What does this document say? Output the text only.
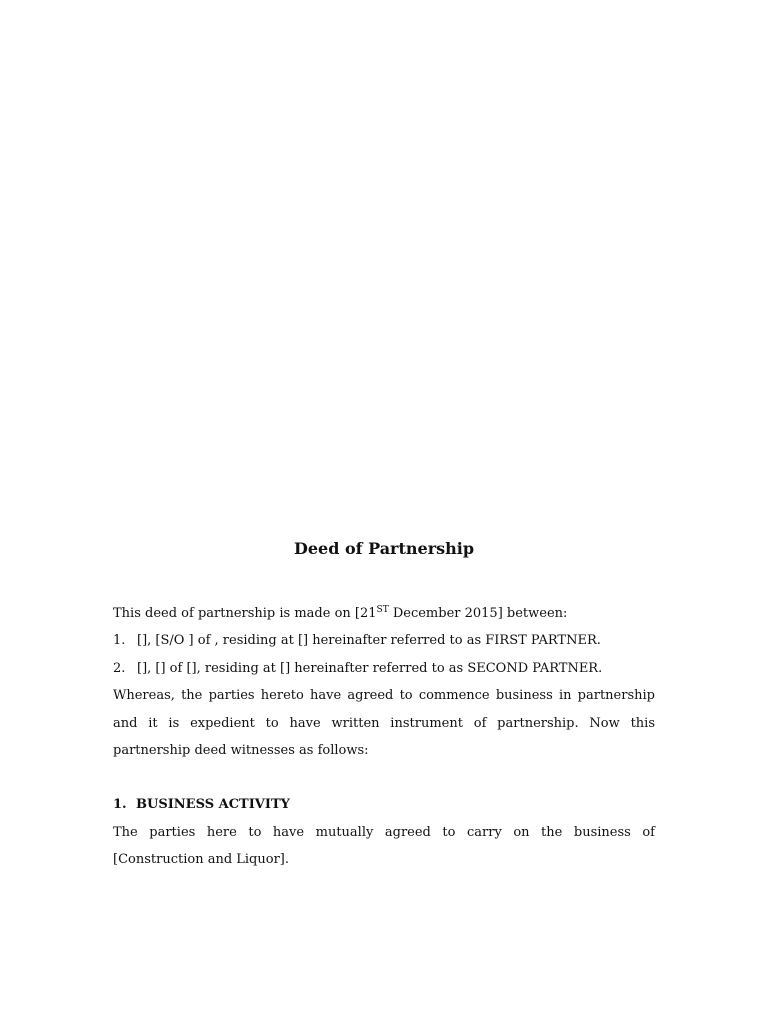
Deed of Partnership

This deed of partnership is made on [21ST December 2015] between:

1. [], [S/O ] of , residing at [] hereinafter referred to as FIRST PARTNER.
2. [], [] of [], residing at [] hereinafter referred to as SECOND PARTNER.

Whereas, the parties hereto have agreed to commence business in partnership and it is expedient to have written instrument of partnership. Now this partnership deed witnesses as follows:

1. BUSINESS ACTIVITY

The parties here to have mutually agreed to carry on the business of [Construction and Liquor].
